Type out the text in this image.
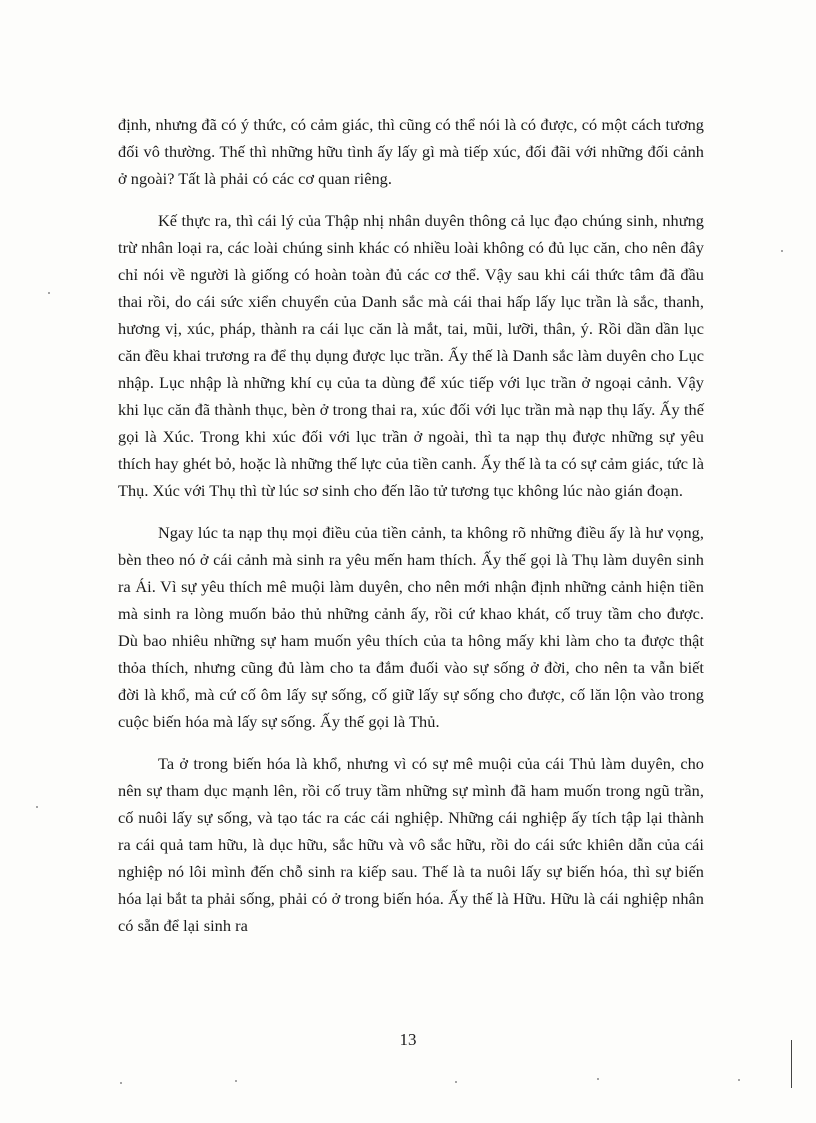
định, nhưng đã có ý thức, có cảm giác, thì cũng có thể nói là có được, có một cách tương đối vô thường. Thế thì những hữu tình ấy lấy gì mà tiếp xúc, đối đãi với những đối cảnh ở ngoài? Tất là phải có các cơ quan riêng.

Kế thực ra, thì cái lý của Thập nhị nhân duyên thông cả lục đạo chúng sinh, nhưng trừ nhân loại ra, các loài chúng sinh khác có nhiều loài không có đủ lục căn, cho nên đây chỉ nói về người là giống có hoàn toàn đủ các cơ thể. Vậy sau khi cái thức tâm đã đầu thai rồi, do cái sức xiển chuyển của Danh sắc mà cái thai hấp lấy lục trần là sắc, thanh, hương vị, xúc, pháp, thành ra cái lục căn là mắt, tai, mũi, lưỡi, thân, ý. Rồi dần dần lục căn đều khai trương ra để thụ dụng được lục trần. Ấy thế là Danh sắc làm duyên cho Lục nhập. Lục nhập là những khí cụ của ta dùng để xúc tiếp với lục trần ở ngoại cảnh. Vậy khi lục căn đã thành thục, bèn ở trong thai ra, xúc đối với lục trần mà nạp thụ lấy. Ấy thế gọi là Xúc. Trong khi xúc đối với lục trần ở ngoài, thì ta nạp thụ được những sự yêu thích hay ghét bỏ, hoặc là những thế lực của tiền canh. Ấy thế là ta có sự cảm giác, tức là Thụ. Xúc với Thụ thì từ lúc sơ sinh cho đến lão tử tương tục không lúc nào gián đoạn.

Ngay lúc ta nạp thụ mọi điều của tiền cảnh, ta không rõ những điều ấy là hư vọng, bèn theo nó ở cái cảnh mà sinh ra yêu mến ham thích. Ấy thế gọi là Thụ làm duyên sinh ra Ái. Vì sự yêu thích mê muội làm duyên, cho nên mới nhận định những cảnh hiện tiền mà sinh ra lòng muốn bảo thủ những cảnh ấy, rồi cứ khao khát, cố truy tầm cho được. Dù bao nhiêu những sự ham muốn yêu thích của ta hông mấy khi làm cho ta được thật thỏa thích, nhưng cũng đủ làm cho ta đắm đuối vào sự sống ở đời, cho nên ta vẫn biết đời là khổ, mà cứ cố ôm lấy sự sống, cố giữ lấy sự sống cho được, cố lăn lộn vào trong cuộc biến hóa mà lấy sự sống. Ấy thế gọi là Thủ.

Ta ở trong biến hóa là khổ, nhưng vì có sự mê muội của cái Thủ làm duyên, cho nên sự tham dục mạnh lên, rồi cố truy tầm những sự mình đã ham muốn trong ngũ trần, cố nuôi lấy sự sống, và tạo tác ra các cái nghiệp. Những cái nghiệp ấy tích tập lại thành ra cái quả tam hữu, là dục hữu, sắc hữu và vô sắc hữu, rồi do cái sức khiên dẫn của cái nghiệp nó lôi mình đến chỗ sinh ra kiếp sau. Thế là ta nuôi lấy sự biến hóa, thì sự biến hóa lại bắt ta phải sống, phải có ở trong biến hóa. Ấy thế là Hữu. Hữu là cái nghiệp nhân có sẵn để lại sinh ra

13
